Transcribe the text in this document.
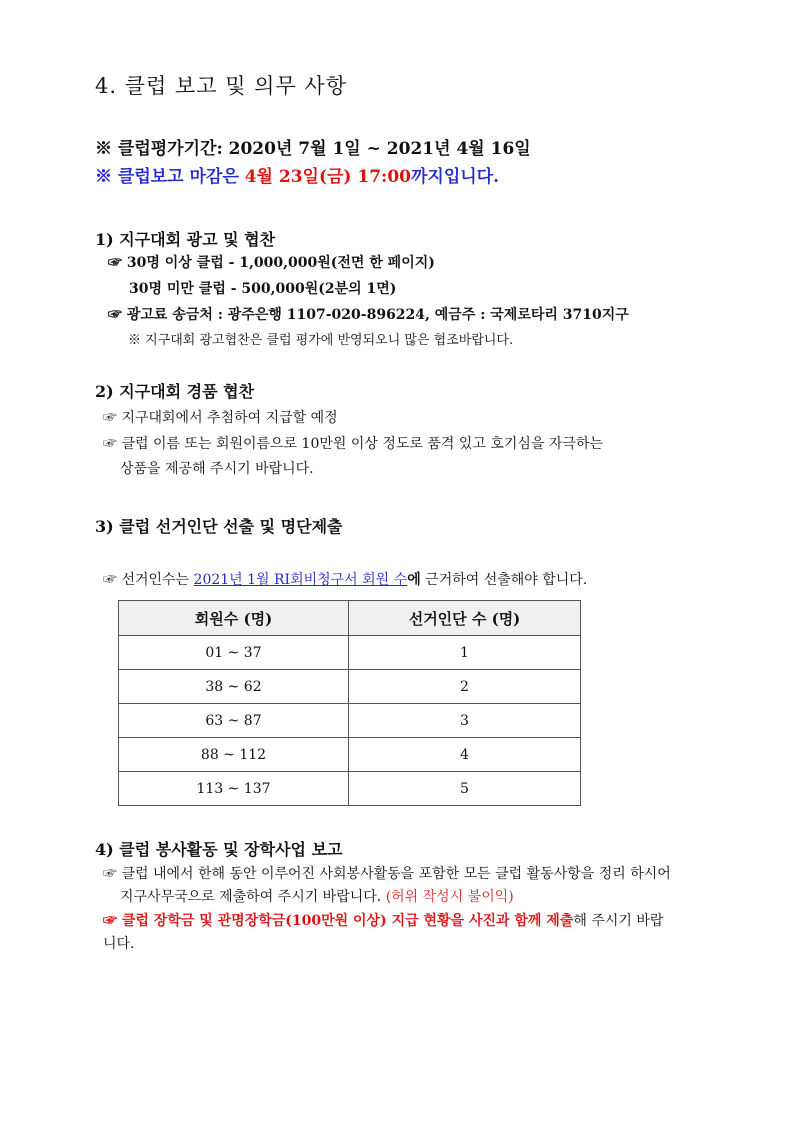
4. 클럽 보고 및 의무 사항
※ 클럽평가기간: 2020년 7월 1일 ~ 2021년 4월 16일
※ 클럽보고 마감은 4월 23일(금) 17:00까지입니다.
1) 지구대회 광고 및 협찬
☞ 30명 이상 클럽 - 1,000,000원(전면 한 페이지)
30명 미만 클럽 - 500,000원(2분의 1면)
☞ 광고료 송금처 : 광주은행 1107-020-896224, 예금주 : 국제로타리 3710지구
※ 지구대회 광고협찬은 클럽 평가에 반영되오니 많은 협조바랍니다.
2) 지구대회 경품 협찬
☞ 지구대회에서 추첨하여 지급할 예정
☞ 클럽 이름 또는 회원이름으로 10만원 이상 정도로 품격 있고 호기심을 자극하는
상품을 제공해 주시기 바랍니다.
3) 클럽 선거인단 선출 및 명단제출
☞ 선거인수는 2021년 1월 RI회비청구서 회원 수에 근거하여 선출해야 합니다.
회원수 (명)	선거인단 수 (명)
01 ~ 37	1
38 ~ 62	2
63 ~ 87	3
88 ~ 112	4
113 ~ 137	5
4) 클럽 봉사활동 및 장학사업 보고
☞ 클럽 내에서 한해 동안 이루어진 사회봉사활동을 포함한 모든 클럽 활동사항을 정리 하시어
지구사무국으로 제출하여 주시기 바랍니다. (허위 작성시 불이익)
☞ 클럽 장학금 및 관명장학금(100만원 이상) 지급 현황을 사진과 함께 제출해 주시기 바랍
니다.
